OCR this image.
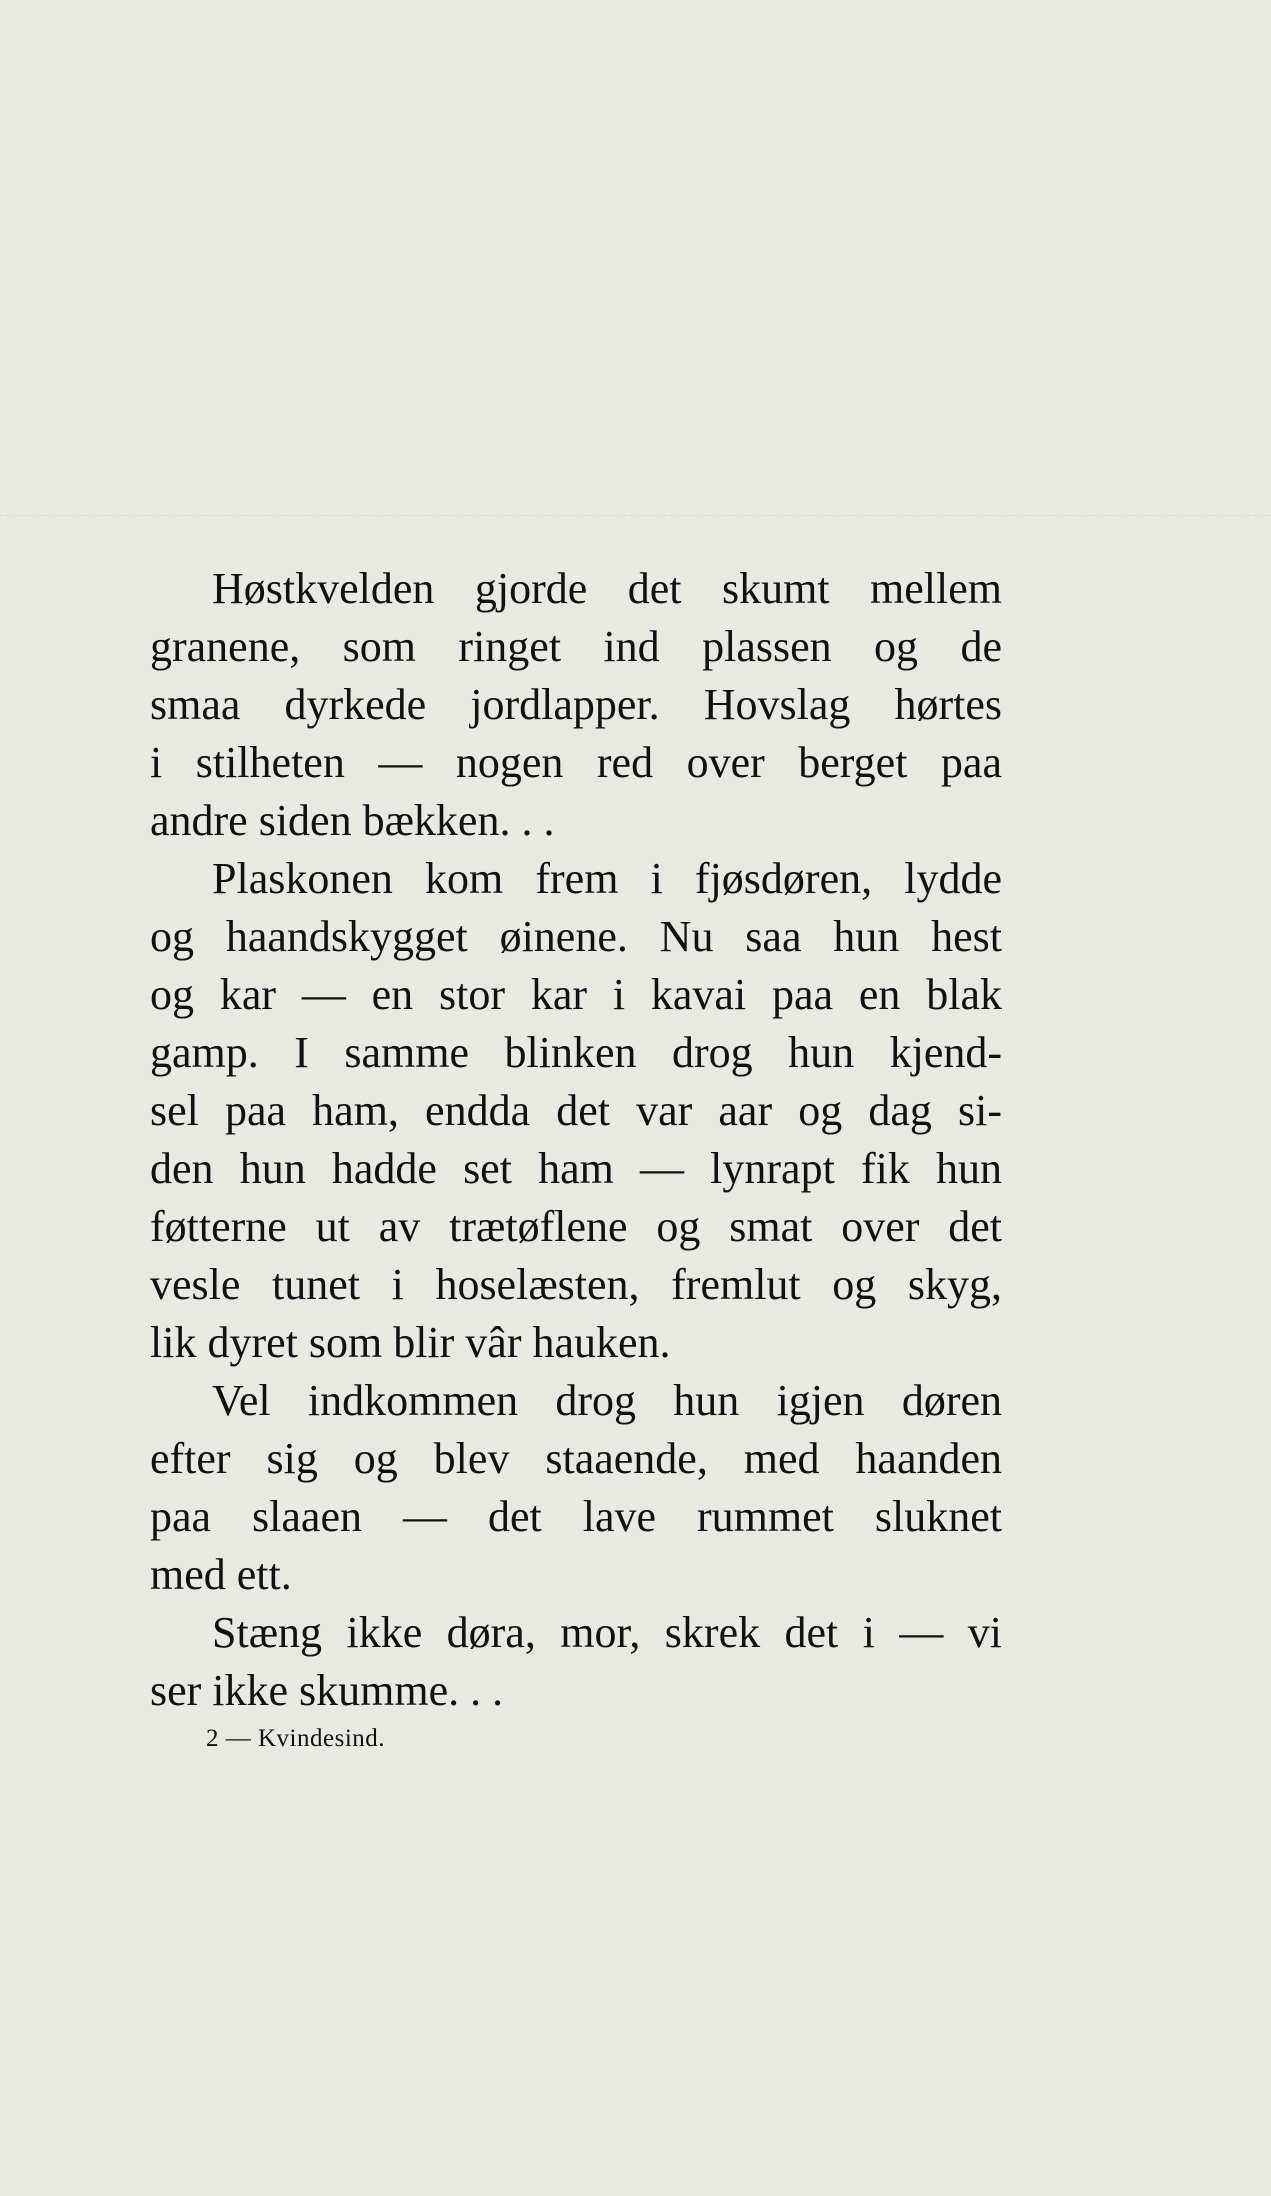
Høstkvelden gjorde det skumt mellem
granene, som ringet ind plassen og de
smaa dyrkede jordlapper. Hovslag hørtes
i stilheten — nogen red over berget paa
andre siden bækken. . .
Plaskonen kom frem i fjøsdøren, lydde
og haandskygget øinene. Nu saa hun hest
og kar — en stor kar i kavai paa en blak
gamp. I samme blinken drog hun kjend-
sel paa ham, endda det var aar og dag si-
den hun hadde set ham — lynrapt fik hun
føtterne ut av trætøflene og smat over det
vesle tunet i hoselæsten, fremlut og skyg,
lik dyret som blir vâr hauken.
Vel indkommen drog hun igjen døren
efter sig og blev staaende, med haanden
paa slaaen — det lave rummet sluknet
med ett.
Stæng ikke døra, mor, skrek det i — vi
ser ikke skumme. . .
2 — Kvindesind.
